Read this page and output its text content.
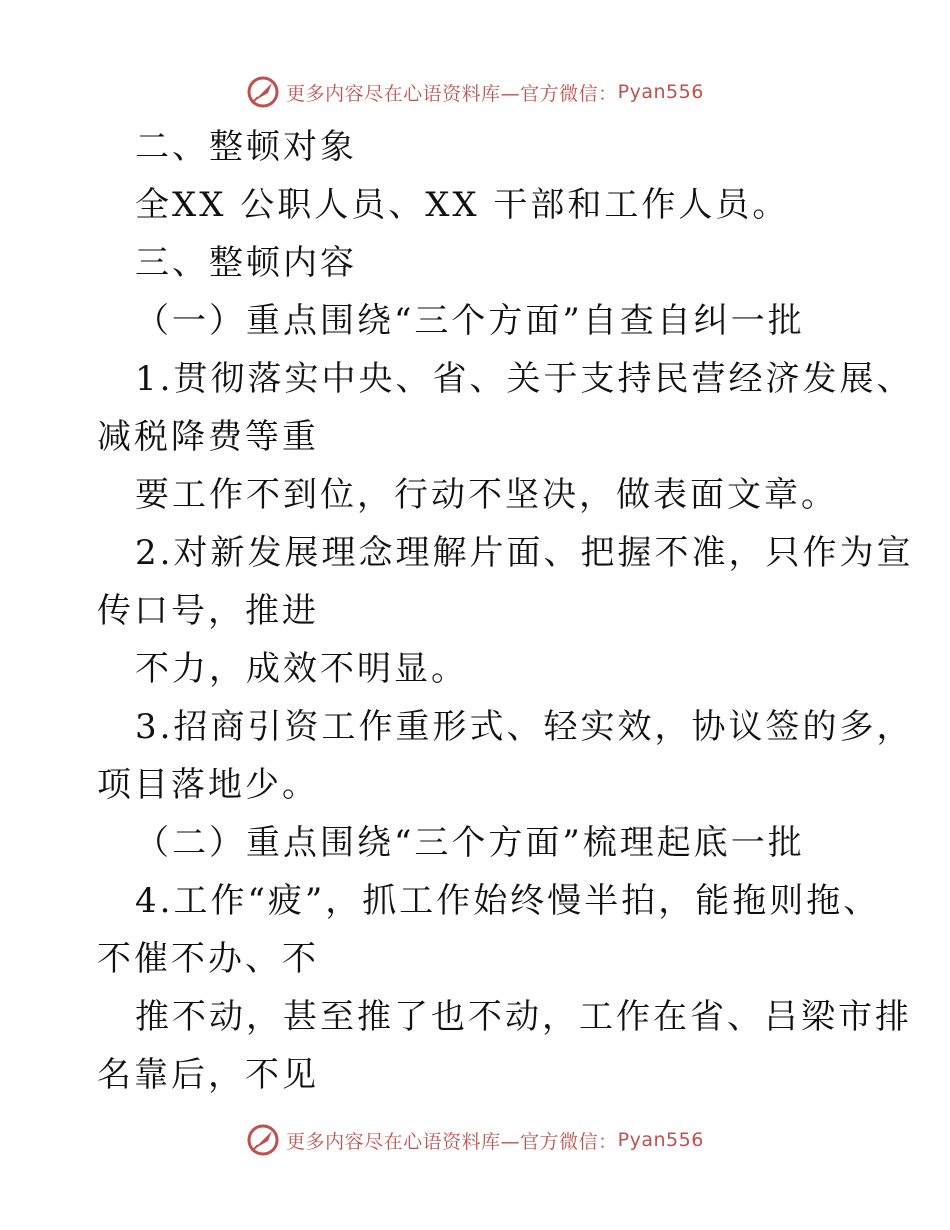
更多内容尽在心语资料库—官方微信： Pyan556
二、整顿对象
全XX 公职人员、XX 干部和工作人员。
三、整顿内容
（一）重点围绕“三个方面”自查自纠一批
1.贯彻落实中央、省、关于支持民营经济发展、
减税降费等重
要工作不到位，行动不坚决，做表面文章。
2.对新发展理念理解片面、把握不准，只作为宣
传口号，推进
不力，成效不明显。
3.招商引资工作重形式、轻实效，协议签的多，
项目落地少。
（二）重点围绕“三个方面”梳理起底一批
4.工作“疲”，抓工作始终慢半拍，能拖则拖、
不催不办、不
推不动，甚至推了也不动，工作在省、吕梁市排
名靠后，不见
更多内容尽在心语资料库—官方微信： Pyan556
